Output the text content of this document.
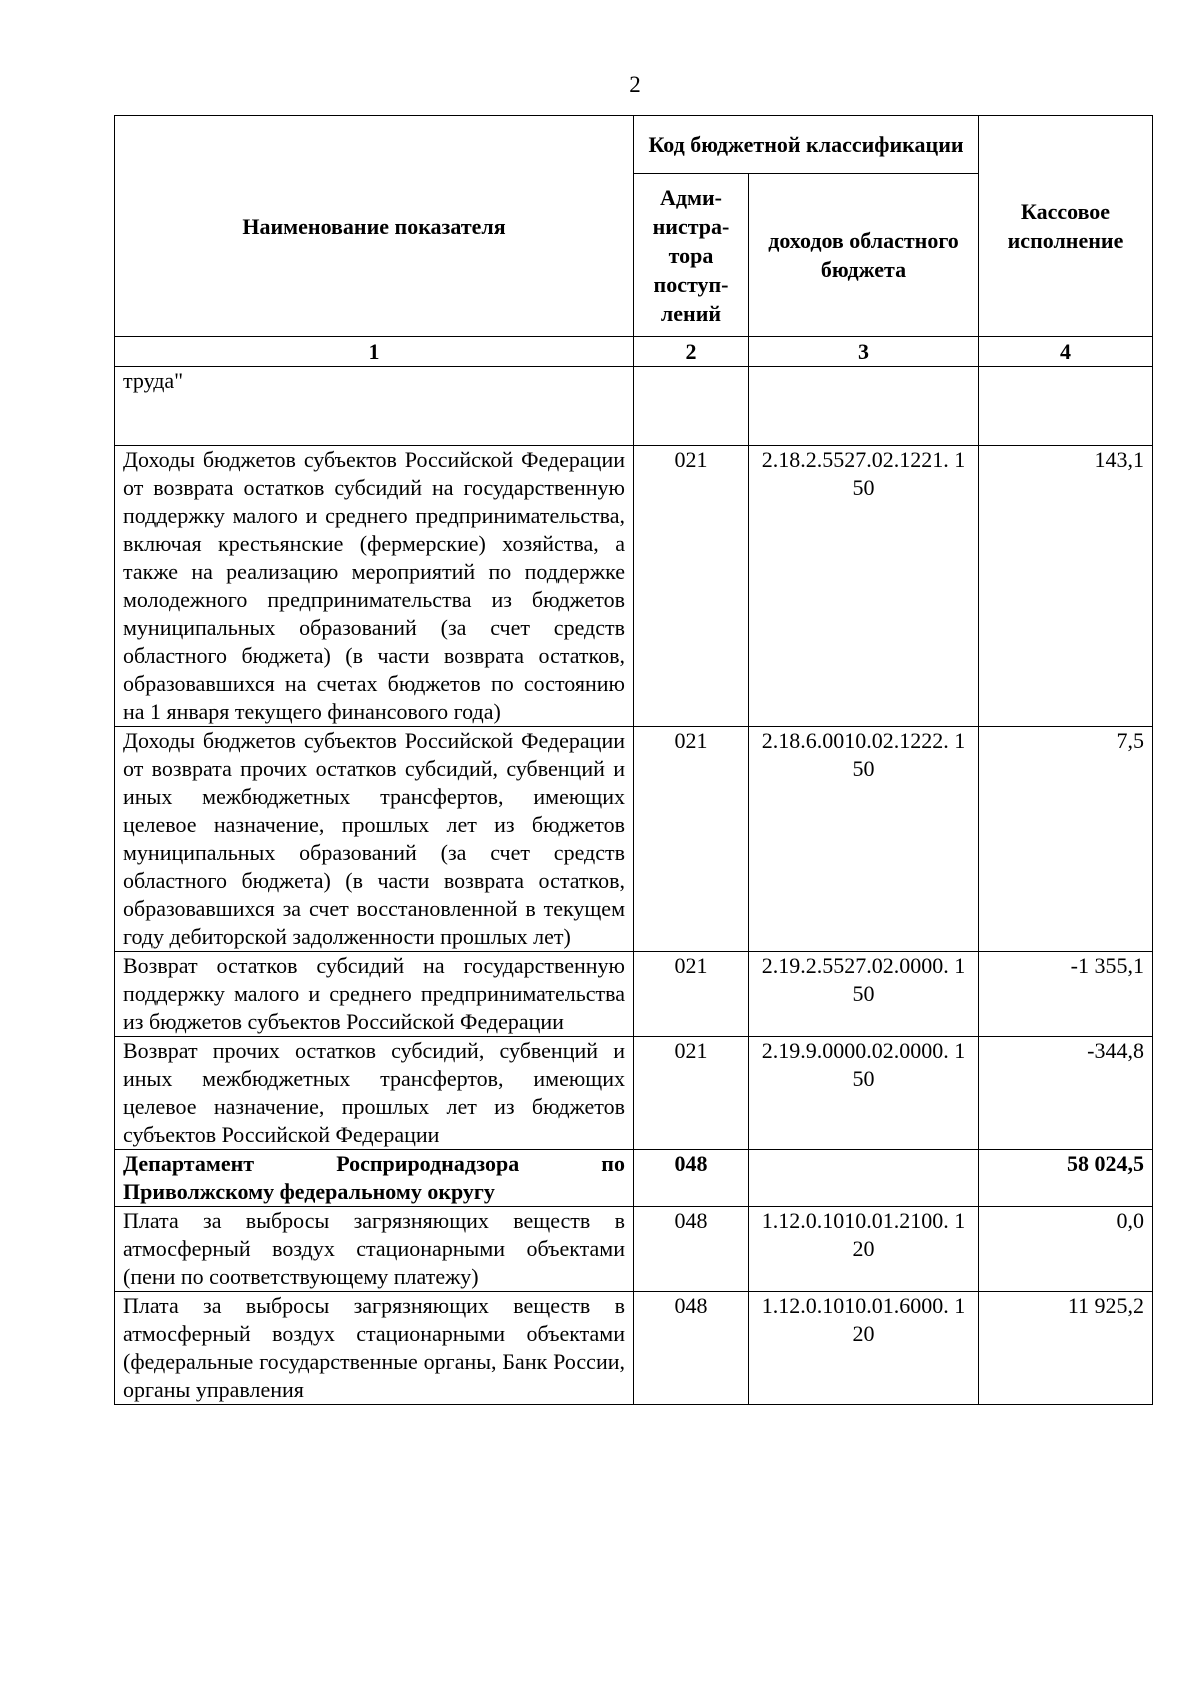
2
Наименование показателя	Код бюджетной классификации		Кассовое исполнение
	Адми-нистра-тора поступ-лений	доходов областного бюджета	
1	2	3	4
труда"			
Доходы бюджетов субъектов Российской Федерации от возврата остатков субсидий на государственную поддержку малого и среднего предпринимательства, включая крестьянские (фермерские) хозяйства, а также на реализацию мероприятий по поддержке молодежного предпринимательства из бюджетов муниципальных образований (за счет средств областного бюджета) (в части возврата остатков, образовавшихся на счетах бюджетов по состоянию на 1 января текущего финансового года)	021	2.18.2.5527.02.1221. 150	143,1
Доходы бюджетов субъектов Российской Федерации от возврата прочих остатков субсидий, субвенций и иных межбюджетных трансфертов, имеющих целевое назначение, прошлых лет из бюджетов муниципальных образований (за счет средств областного бюджета) (в части возврата остатков, образовавшихся за счет восстановленной в текущем году дебиторской задолженности прошлых лет)	021	2.18.6.0010.02.1222. 150	7,5
Возврат остатков субсидий на государственную поддержку малого и среднего предпринимательства из бюджетов субъектов Российской Федерации	021	2.19.2.5527.02.0000. 150	-1 355,1
Возврат прочих остатков субсидий, субвенций и иных межбюджетных трансфертов, имеющих целевое назначение, прошлых лет из бюджетов субъектов Российской Федерации	021	2.19.9.0000.02.0000. 150	-344,8
Департамент Росприроднадзора по Приволжскому федеральному округу	048		58 024,5
Плата за выбросы загрязняющих веществ в атмосферный воздух стационарными объектами (пени по соответствующему платежу)	048	1.12.0.1010.01.2100. 120	0,0
Плата за выбросы загрязняющих веществ в атмосферный воздух стационарными объектами (федеральные государственные органы, Банк России, органы управления	048	1.12.0.1010.01.6000. 120	11 925,2
